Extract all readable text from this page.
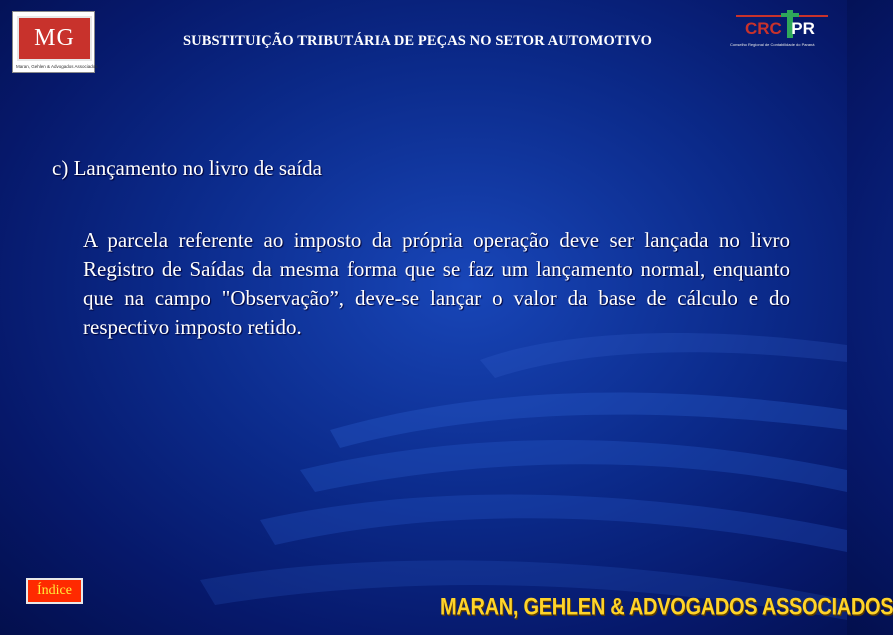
MG
Maran, Gehlen & Advogados Associados
SUBSTITUIÇÃO TRIBUTÁRIA DE PEÇAS NO SETOR AUTOMOTIVO
CRC PR
Conselho Regional de Contabilidade do Paraná
c) Lançamento no livro de saída
A parcela referente ao imposto da própria operação deve ser lançada no livro Registro de Saídas da mesma forma que se faz um lançamento normal, enquanto que na campo "Observação”, deve-se lançar o valor da base de cálculo e do respectivo imposto retido.
Índice
MARAN, GEHLEN & ADVOGADOS ASSOCIADOS
